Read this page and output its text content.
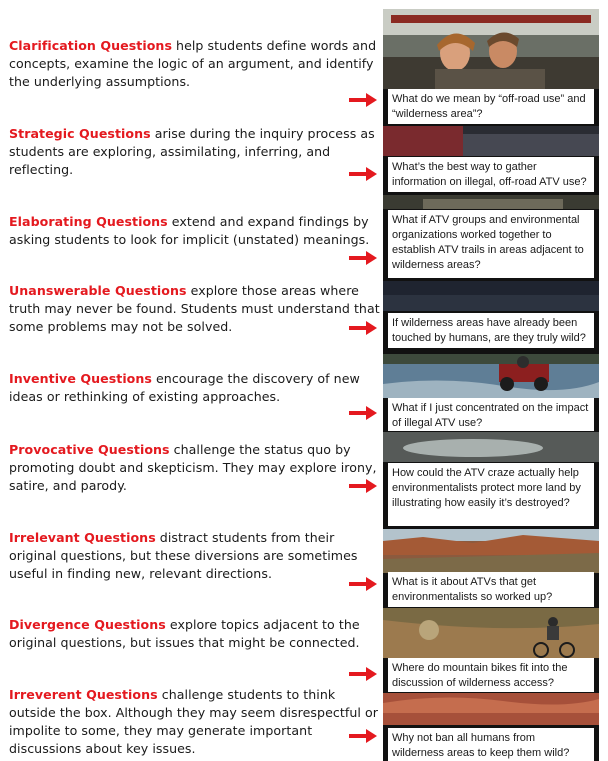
Clarification Questions help students define words and concepts, examine the logic of an argument, and identify the underlying assumptions.

Strategic Questions arise during the inquiry process as students are exploring, assimilating, inferring, and reflecting.

Elaborating Questions extend and expand findings by asking students to look for implicit (unstated) meanings.

Unanswerable Questions explore those areas where truth may never be found. Students must understand that some problems may not be solved.

Inventive Questions encourage the discovery of new ideas or rethinking of existing approaches.

Provocative Questions challenge the status quo by promoting doubt and skepticism. They may explore irony, satire, and parody.

Irrelevant Questions distract students from their original questions, but these diversions are sometimes useful in finding new, relevant directions.

Divergence Questions explore topics adjacent to the original questions, but issues that might be connected.

Irreverent Questions challenge students to think outside the box. Although they may seem disrespectful or impolite to some, they may generate important discussions about key issues.

What do we mean by “off-road use” and “wilderness area”?
What’s the best way to gather information on illegal, off-road ATV use?
What if ATV groups and environmental organizations worked together to establish ATV trails in areas adjacent to wilderness areas?
If wilderness areas have already been touched by humans, are they truly wild?
What if I just concentrated on the impact of illegal ATV use?
How could the ATV craze actually help environmentalists protect more land by illustrating how easily it’s destroyed?
What is it about ATVs that get environmentalists so worked up?
Where do mountain bikes fit into the discussion of wilderness access?
Why not ban all humans from wilderness areas to keep them wild?
